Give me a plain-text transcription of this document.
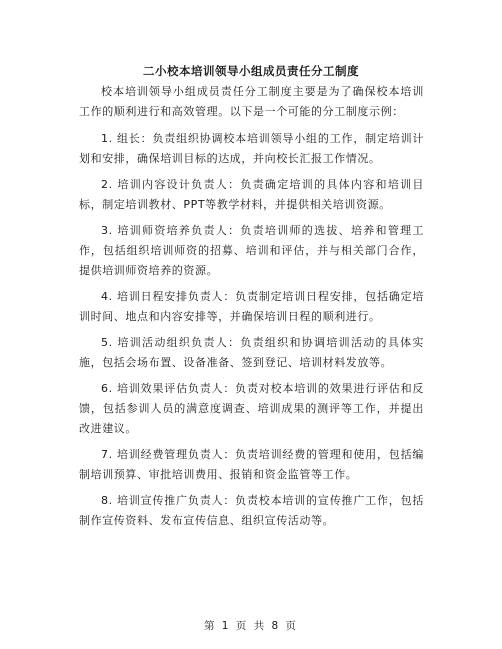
二小校本培训领导小组成员责任分工制度

校本培训领导小组成员责任分工制度主要是为了确保校本培训工作的顺利进行和高效管理。以下是一个可能的分工制度示例：

1. 组长：负责组织协调校本培训领导小组的工作，制定培训计划和安排，确保培训目标的达成，并向校长汇报工作情况。

2. 培训内容设计负责人：负责确定培训的具体内容和培训目标，制定培训教材、PPT等教学材料，并提供相关培训资源。

3. 培训师资培养负责人：负责培训师的选拔、培养和管理工作，包括组织培训师资的招募、培训和评估，并与相关部门合作，提供培训师资培养的资源。

4. 培训日程安排负责人：负责制定培训日程安排，包括确定培训时间、地点和内容安排等，并确保培训日程的顺利进行。

5. 培训活动组织负责人：负责组织和协调培训活动的具体实施，包括会场布置、设备准备、签到登记、培训材料发放等。

6. 培训效果评估负责人：负责对校本培训的效果进行评估和反馈，包括参训人员的满意度调查、培训成果的测评等工作，并提出改进建议。

7. 培训经费管理负责人：负责培训经费的管理和使用，包括编制培训预算、审批培训费用、报销和资金监管等工作。

8. 培训宣传推广负责人：负责校本培训的宣传推广工作，包括制作宣传资料、发布宣传信息、组织宣传活动等。

第 1 页 共 8 页
